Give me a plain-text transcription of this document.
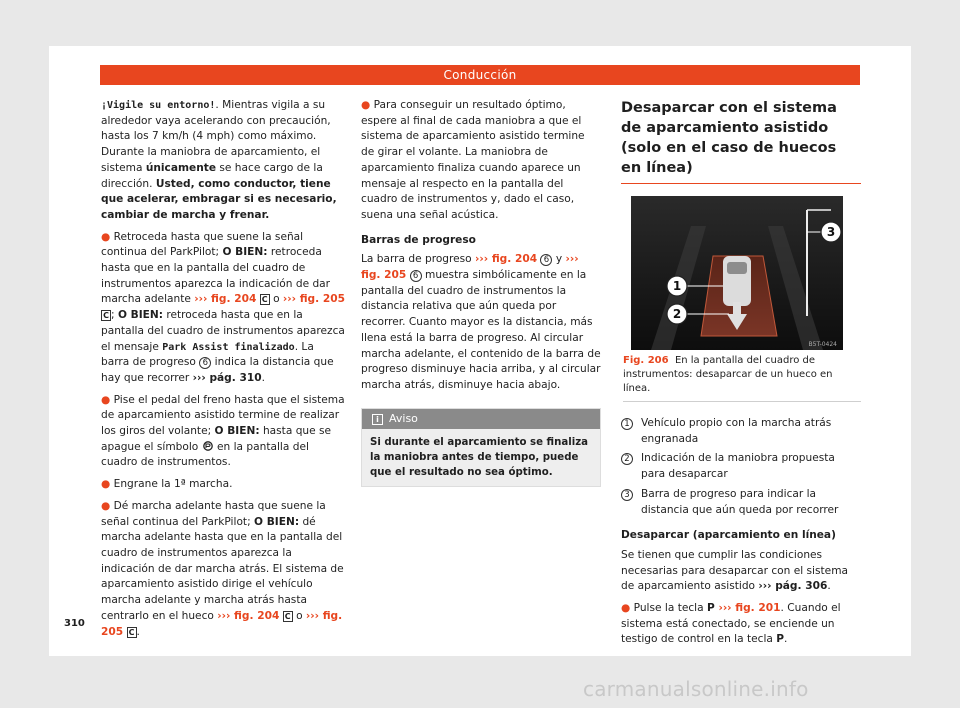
Conducción

¡Vigile su entorno!. Mientras vigila a su alrededor vaya acelerando con precaución, hasta los 7 km/h (4 mph) como máximo. Durante la maniobra de aparcamiento, el sistema únicamente se hace cargo de la dirección. Usted, como conductor, tiene que acelerar, embragar si es necesario, cambiar de marcha y frenar.

● Retroceda hasta que suene la señal continua del ParkPilot; O BIEN: retroceda hasta que en la pantalla del cuadro de instrumentos aparezca la indicación de dar marcha adelante ››› fig. 204 C o ››› fig. 205 C ; O BIEN: retroceda hasta que en la pantalla del cuadro de instrumentos aparezca el mensaje Park Assist finalizado. La barra de progreso 6 indica la distancia que hay que recorrer ››› pág. 310.

● Pise el pedal del freno hasta que el sistema de aparcamiento asistido termine de realizar los giros del volante; O BIEN: hasta que se apague el símbolo  en la pantalla del cuadro de instrumentos.

● Engrane la 1ª marcha.

● Dé marcha adelante hasta que suene la señal continua del ParkPilot; O BIEN: dé marcha adelante hasta que en la pantalla del cuadro de instrumentos aparezca la indicación de dar marcha atrás. El sistema de aparcamiento asistido dirige el vehículo marcha adelante y marcha atrás hasta centrarlo en el hueco ››› fig. 204 C o ››› fig. 205 C .

● Para conseguir un resultado óptimo, espere al final de cada maniobra a que el sistema de aparcamiento asistido termine de girar el volante. La maniobra de aparcamiento finaliza cuando aparece un mensaje al respecto en la pantalla del cuadro de instrumentos y, dado el caso, suena una señal acústica.

Barras de progreso

La barra de progreso ››› fig. 204 6 y ››› fig. 205 6 muestra simbólicamente en la pantalla del cuadro de instrumentos la distancia relativa que aún queda por recorrer. Cuanto mayor es la distancia, más llena está la barra de progreso. Al circular marcha adelante, el contenido de la barra de progreso disminuye hacia arriba, y al circular marcha atrás, disminuye hacia abajo.

i Aviso
Si durante el aparcamiento se finaliza la maniobra antes de tiempo, puede que el resultado no sea óptimo.
Desaparcar con el sistema de aparcamiento asistido (solo en el caso de huecos en línea)
1
2
3
B5T-0424

Fig. 206 En la pantalla del cuadro de instrumentos: desaparcar de un hueco en línea.

1	Vehículo propio con la marcha atrás engranada
2	Indicación de la maniobra propuesta para desaparcar
3	Barra de progreso para indicar la distancia que aún queda por recorrer

Desaparcar (aparcamiento en línea)

Se tienen que cumplir las condiciones necesarias para desaparcar con el sistema de aparcamiento asistido ››› pág. 306.

● Pulse la tecla P ››› fig. 201. Cuando el sistema está conectado, se enciende un testigo de control en la tecla P.

310
carmanualsonline.info
